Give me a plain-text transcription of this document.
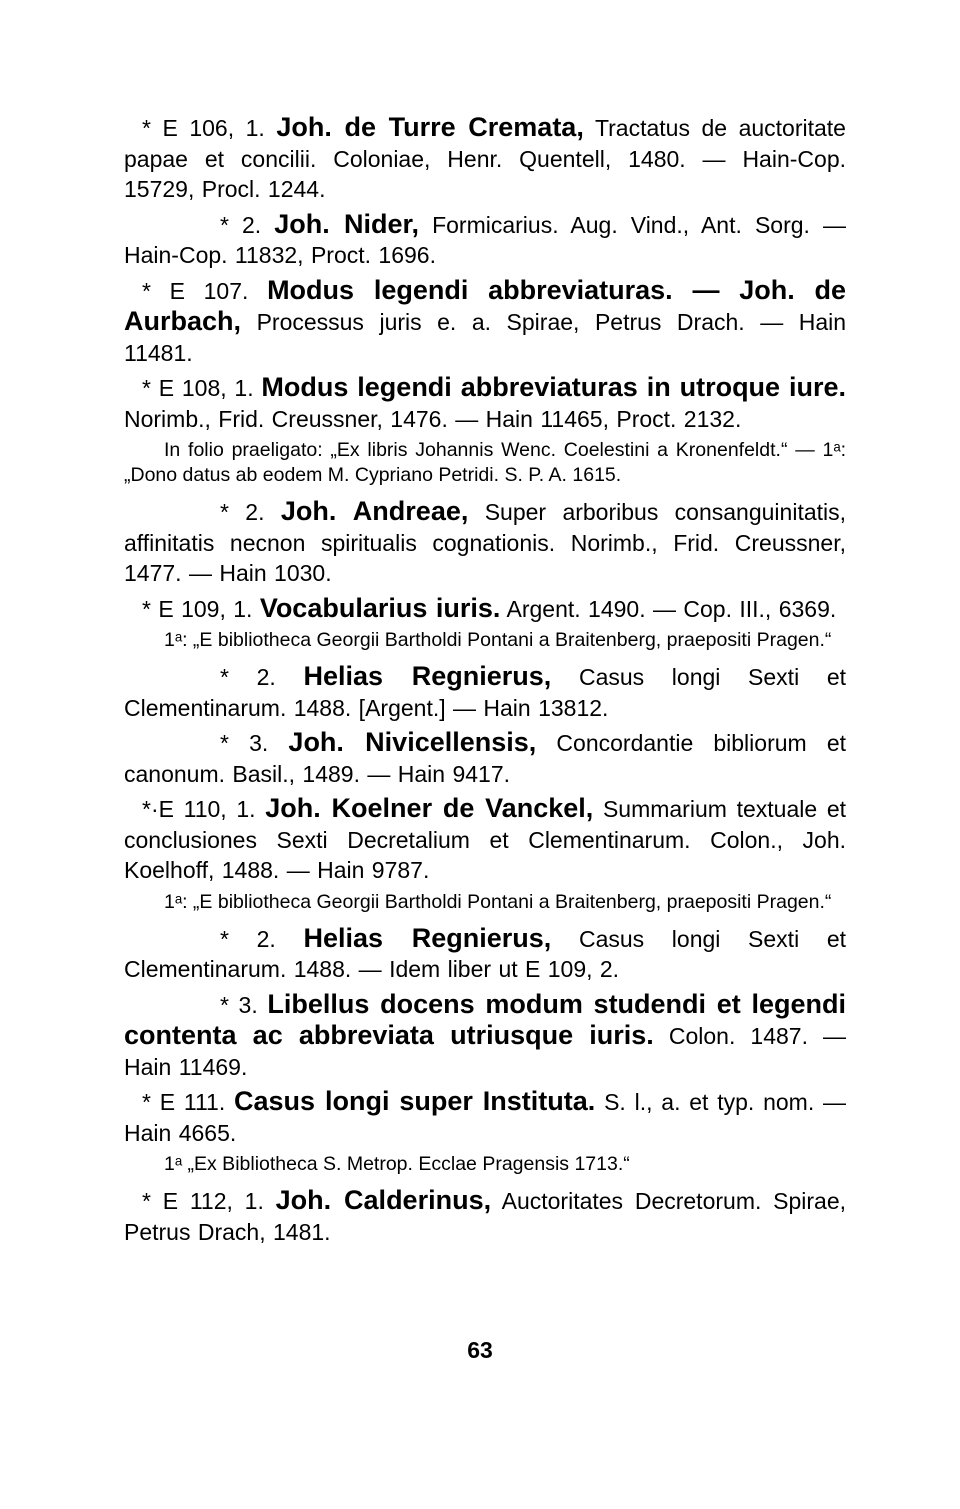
* E 106, 1. Joh. de Turre Cremata, Tractatus de auctoritate papae et concilii. Coloniae, Henr. Quentell, 1480. — Hain-Cop. 15729, Procl. 1244.

* 2. Joh. Nider, Formicarius. Aug. Vind., Ant. Sorg. — Hain-Cop. 11832, Proct. 1696.

* E 107. Modus legendi abbreviaturas. — Joh. de Aurbach, Processus juris e. a. Spirae, Petrus Drach. — Hain 11481.

* E 108, 1. Modus legendi abbreviaturas in utroque iure. Norimb., Frid. Creussner, 1476. — Hain 11465, Proct. 2132.

In folio praeligato: „Ex libris Johannis Wenc. Coelestini a Kronenfeldt.“ — 1ᵃ: „Dono datus ab eodem M. Cypriano Petridi. S. P. A. 1615.

* 2. Joh. Andreae, Super arboribus consanguinitatis, affinitatis necnon spiritualis cognationis. Norimb., Frid. Creussner, 1477. — Hain 1030.

* E 109, 1. Vocabularius iuris. Argent. 1490. — Cop. III., 6369.

1ᵃ: „E bibliotheca Georgii Bartholdi Pontani a Braitenberg, praepositi Pragen.“

* 2. Helias Regnierus, Casus longi Sexti et Clementinarum. 1488. [Argent.] — Hain 13812.

* 3. Joh. Nivicellensis, Concordantie bibliorum et canonum. Basil., 1489. — Hain 9417.

*·E 110, 1. Joh. Koelner de Vanckel, Summarium textuale et conclusiones Sexti Decretalium et Clementinarum. Colon., Joh. Koelhoff, 1488. — Hain 9787.

1ᵃ: „E bibliotheca Georgii Bartholdi Pontani a Braitenberg, praepositi Pragen.“

* 2. Helias Regnierus, Casus longi Sexti et Clementinarum. 1488. — Idem liber ut E 109, 2.

* 3. Libellus docens modum studendi et legendi contenta ac abbreviata utriusque iuris. Colon. 1487. — Hain 11469.

* E 111. Casus longi super Instituta. S. l., a. et typ. nom. — Hain 4665.

1ᵃ „Ex Bibliotheca S. Metrop. Ecclae Pragensis 1713.“

* E 112, 1. Joh. Calderinus, Auctoritates Decretorum. Spirae, Petrus Drach, 1481.

63
